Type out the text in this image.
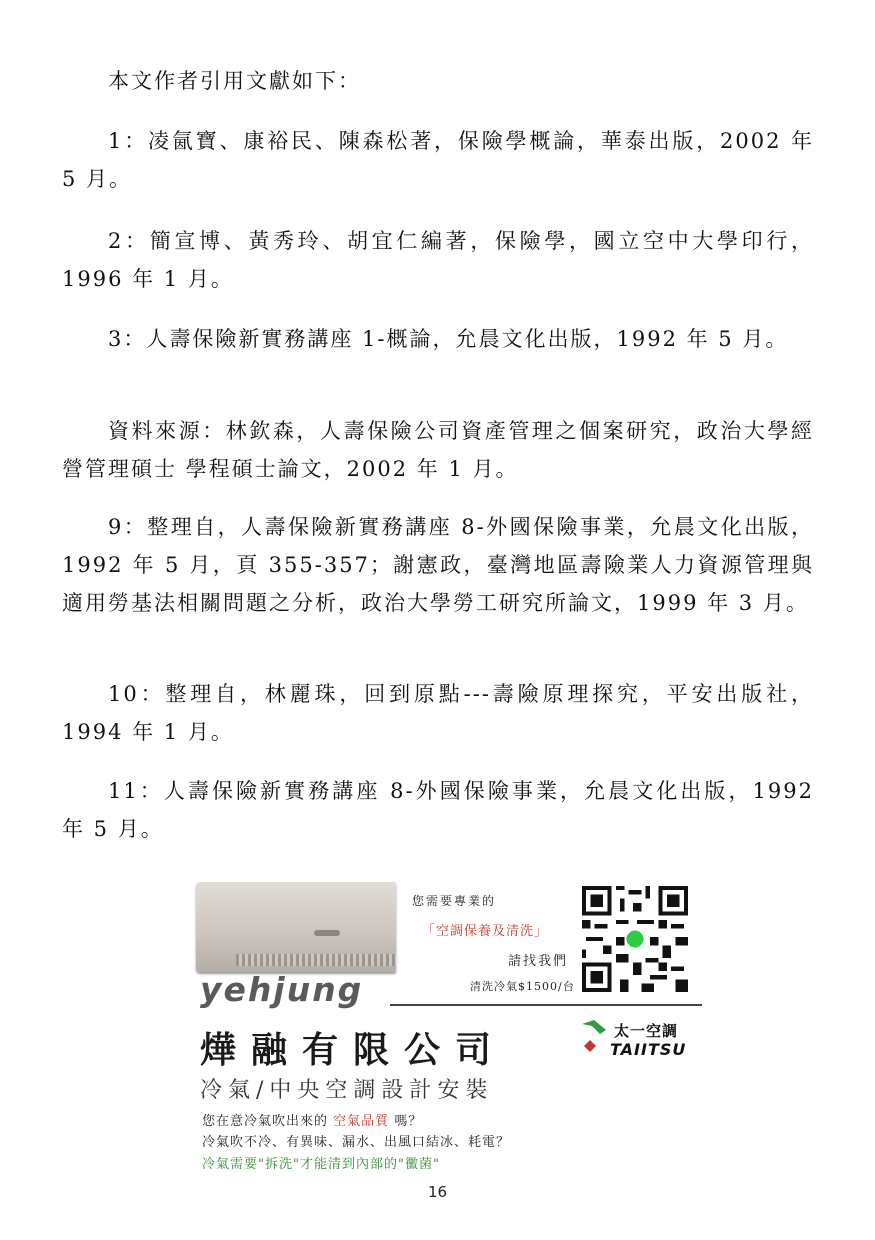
本文作者引用文獻如下：

1：凌氤寶、康裕民、陳森松著，保險學概論，華泰出版，2002 年 5 月。

2：簡宣博、黃秀玲、胡宜仁編著，保險學，國立空中大學印行，1996 年 1 月。

3：人壽保險新實務講座 1-概論，允晨文化出版，1992 年 5 月。

資料來源：林欽森，人壽保險公司資產管理之個案研究，政治大學經營管理碩士 學程碩士論文，2002 年 1 月。

9：整理自，人壽保險新實務講座 8-外國保險事業，允晨文化出版，1992 年 5 月，頁 355-357；謝憲政，臺灣地區壽險業人力資源管理與適用勞基法相關問題之分析，政治大學勞工研究所論文，1999 年 3 月。

10：整理自，林麗珠，回到原點---壽險原理探究，平安出版社，1994 年 1 月。

11：人壽保險新實務講座 8-外國保險事業，允晨文化出版，1992 年 5 月。

yehjung
您需要專業的
「空調保養及清洗」
請找我們
清洗冷氣$1500/台
燁融有限公司
冷氣/中央空調設計安裝
太一空調
TAIITSU
您在意冷氣吹出來的 空氣品質 嗎？
冷氣吹不冷、有異味、漏水、出風口結冰、耗電？
冷氣需要"拆洗"才能清到內部的"黴菌"
16
